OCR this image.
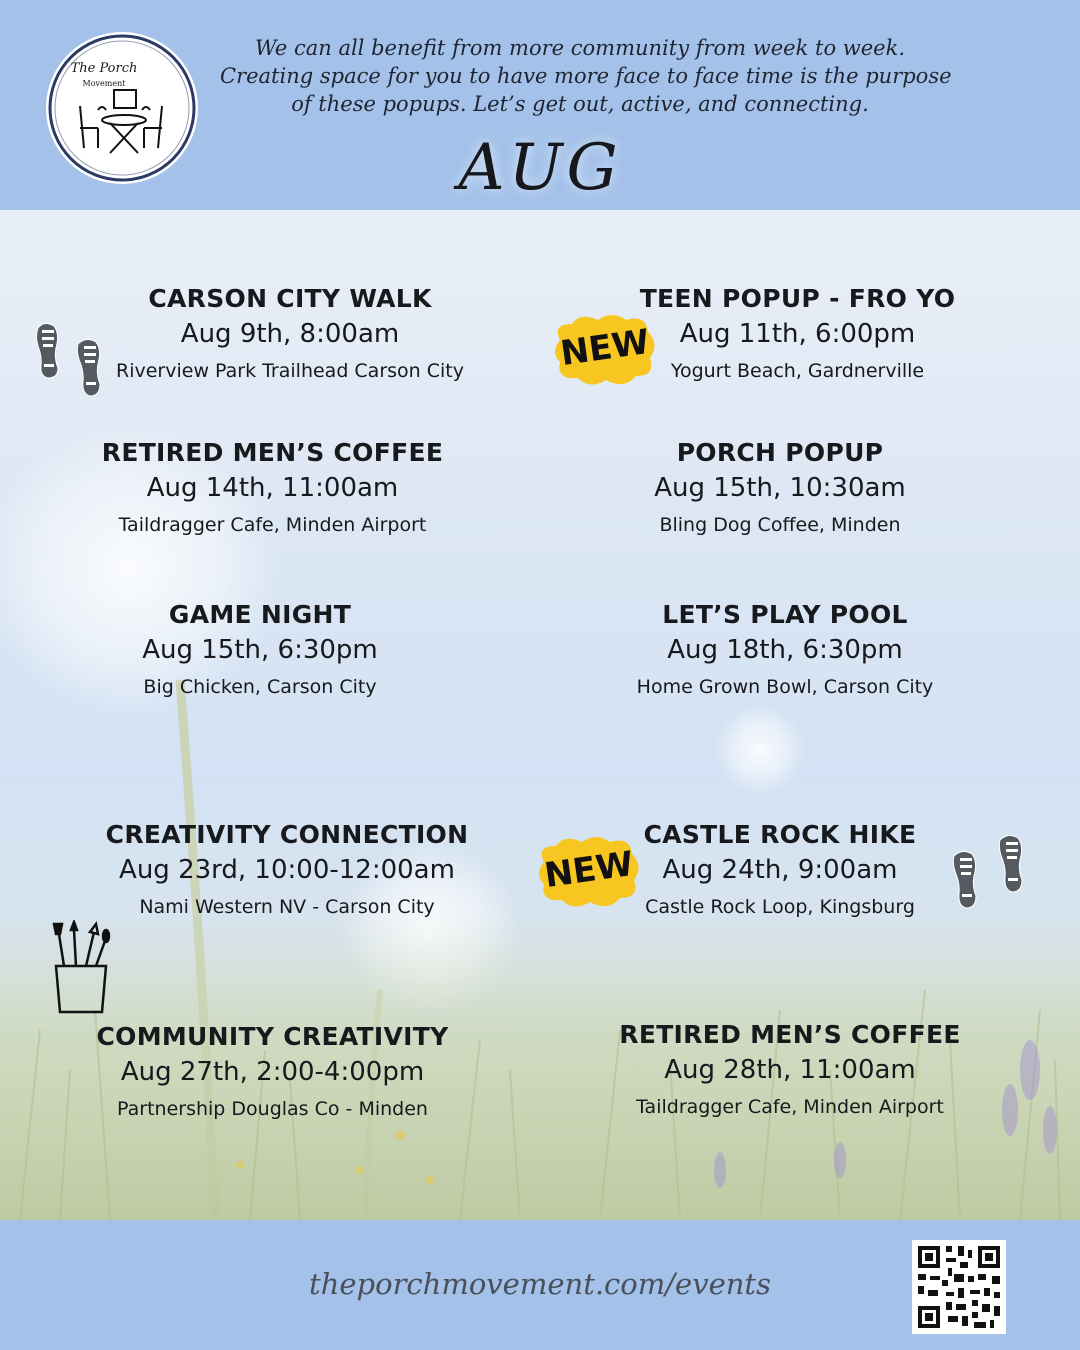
The Porch
Movement
We can all benefit from more community from week to week.
Creating space for you to have more face to face time is the purpose
of these popups. Let’s get out, active, and connecting.
AUG
CARSON CITY WALK
Aug 9th, 8:00am
Riverview Park Trailhead Carson City
TEEN POPUP - FRO YO
Aug 11th, 6:00pm
Yogurt Beach, Gardnerville
RETIRED MEN’S COFFEE
Aug 14th, 11:00am
Taildragger Cafe, Minden Airport
PORCH POPUP
Aug 15th, 10:30am
Bling Dog Coffee, Minden
GAME NIGHT
Aug 15th, 6:30pm
Big Chicken, Carson City
LET’S PLAY POOL
Aug 18th, 6:30pm
Home Grown Bowl, Carson City
CREATIVITY CONNECTION
Aug 23rd, 10:00-12:00am
Nami Western NV - Carson City
CASTLE ROCK HIKE
Aug 24th, 9:00am
Castle Rock Loop, Kingsburg
COMMUNITY CREATIVITY
Aug 27th, 2:00-4:00pm
Partnership Douglas Co - Minden
RETIRED MEN’S COFFEE
Aug 28th, 11:00am
Taildragger Cafe, Minden Airport
NEW
NEW
theporchmovement.com/events
